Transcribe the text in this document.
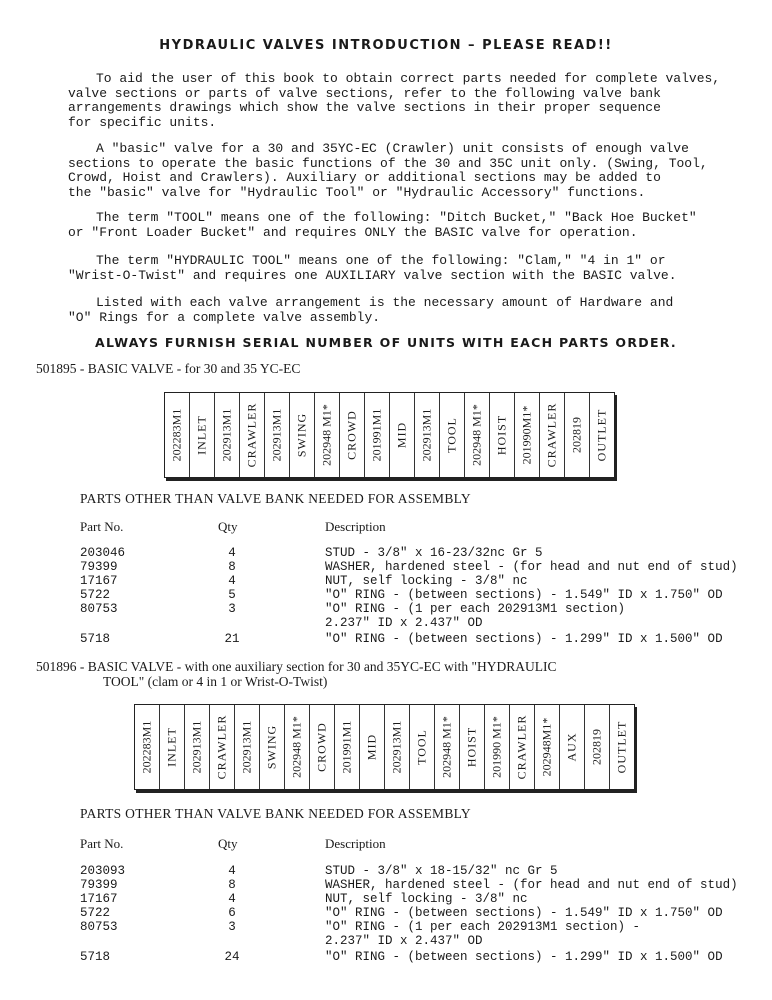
HYDRAULIC VALVES INTRODUCTION – PLEASE READ!!
To aid the user of this book to obtain correct parts needed for complete valves,
valve sections or parts of valve sections, refer to the following valve bank
arrangements drawings which show the valve sections in their proper sequence
for specific units.
A "basic" valve for a 30 and 35YC-EC (Crawler) unit consists of enough valve
sections to operate the basic functions of the 30 and 35C unit only. (Swing, Tool,
Crowd, Hoist and Crawlers). Auxiliary or additional sections may be added to
the "basic" valve for "Hydraulic Tool" or "Hydraulic Accessory" functions.
The term "TOOL" means one of the following: "Ditch Bucket," "Back Hoe Bucket"
or "Front Loader Bucket" and requires ONLY the BASIC valve for operation.
The term "HYDRAULIC TOOL" means one of the following: "Clam," "4 in 1" or
"Wrist-O-Twist" and requires one AUXILIARY valve section with the BASIC valve.
Listed with each valve arrangement is the necessary amount of Hardware and
"O" Rings for a complete valve assembly.
ALWAYS FURNISH SERIAL NUMBER OF UNITS WITH EACH PARTS ORDER.
501895 - BASIC VALVE - for 30 and 35 YC-EC
202283M1 INLET 202913M1 CRAWLER 202913M1 SWING 202948 M1* CROWD 201991M1 MID 202913M1 TOOL 202948 M1* HOIST 201990M1* CRAWLER 202819 OUTLET
PARTS OTHER THAN VALVE BANK NEEDED FOR ASSEMBLY
Part No.	Qty	Description
203046	4	STUD - 3/8" x 16-23/32nc Gr 5
79399	8	WASHER, hardened steel - (for head and nut end of stud)
17167	4	NUT, self locking - 3/8" nc
5722	5	"O" RING - (between sections) - 1.549" ID x 1.750" OD
80753	3	"O" RING - (1 per each 202913M1 section)
2.237" ID x 2.437" OD
5718	21	"O" RING - (between sections) - 1.299" ID x 1.500" OD
501896 - BASIC VALVE - with one auxiliary section for 30 and 35YC-EC with "HYDRAULIC
TOOL" (clam or 4 in 1 or Wrist-O-Twist)
202283M1 INLET 202913M1 CRAWLER 202913M1 SWING 202948 M1* CROWD 201991M1 MID 202913M1 TOOL 202948 M1* HOIST 201990 M1* CRAWLER 202948M1* AUX 202819 OUTLET
PARTS OTHER THAN VALVE BANK NEEDED FOR ASSEMBLY
Part No.	Qty	Description
203093	4	STUD - 3/8" x 18-15/32" nc Gr 5
79399	8	WASHER, hardened steel - (for head and nut end of stud)
17167	4	NUT, self locking - 3/8" nc
5722	6	"O" RING - (between sections) - 1.549" ID x 1.750" OD
80753	3	"O" RING - (1 per each 202913M1 section) -
2.237" ID x 2.437" OD
5718	24	"O" RING - (between sections) - 1.299" ID x 1.500" OD
